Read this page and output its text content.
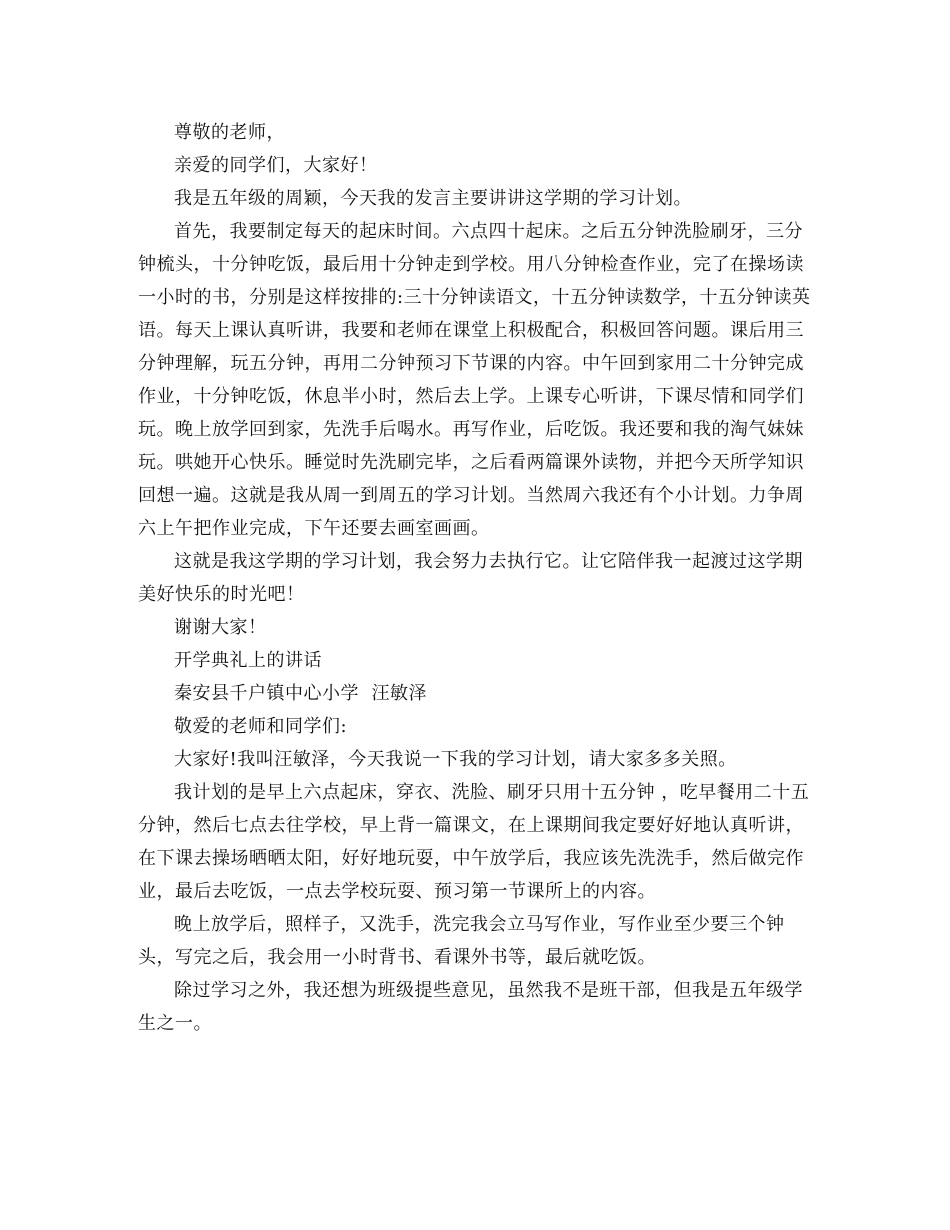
尊敬的老师，

亲爱的同学们，大家好！

我是五年级的周颖，今天我的发言主要讲讲这学期的学习计划。

首先，我要制定每天的起床时间。六点四十起床。之后五分钟洗脸刷牙，三分钟梳头，十分钟吃饭，最后用十分钟走到学校。用八分钟检查作业，完了在操场读一小时的书，分别是这样按排的:三十分钟读语文，十五分钟读数学，十五分钟读英语。每天上课认真听讲，我要和老师在课堂上积极配合，积极回答问题。课后用三分钟理解，玩五分钟，再用二分钟预习下节课的内容。中午回到家用二十分钟完成作业，十分钟吃饭，休息半小时，然后去上学。上课专心听讲，下课尽情和同学们玩。晚上放学回到家，先洗手后喝水。再写作业，后吃饭。我还要和我的淘气妹妹玩。哄她开心快乐。睡觉时先洗刷完毕，之后看两篇课外读物，并把今天所学知识回想一遍。这就是我从周一到周五的学习计划。当然周六我还有个小计划。力争周六上午把作业完成，下午还要去画室画画。

这就是我这学期的学习计划，我会努力去执行它。让它陪伴我一起渡过这学期美好快乐的时光吧！

谢谢大家！

开学典礼上的讲话

秦安县千户镇中心小学  汪敏泽

敬爱的老师和同学们:

大家好!我叫汪敏泽，今天我说一下我的学习计划，请大家多多关照。

我计划的是早上六点起床，穿衣、洗脸、刷牙只用十五分钟 ，吃早餐用二十五分钟，然后七点去往学校，早上背一篇课文，在上课期间我定要好好地认真听讲，在下课去操场晒晒太阳，好好地玩耍，中午放学后，我应该先洗洗手，然后做完作业，最后去吃饭，一点去学校玩耍、预习第一节课所上的内容。

晚上放学后，照样子，又洗手，洗完我会立马写作业，写作业至少要三个钟头，写完之后，我会用一小时背书、看课外书等，最后就吃饭。

除过学习之外，我还想为班级提些意见，虽然我不是班干部，但我是五年级学生之一。
